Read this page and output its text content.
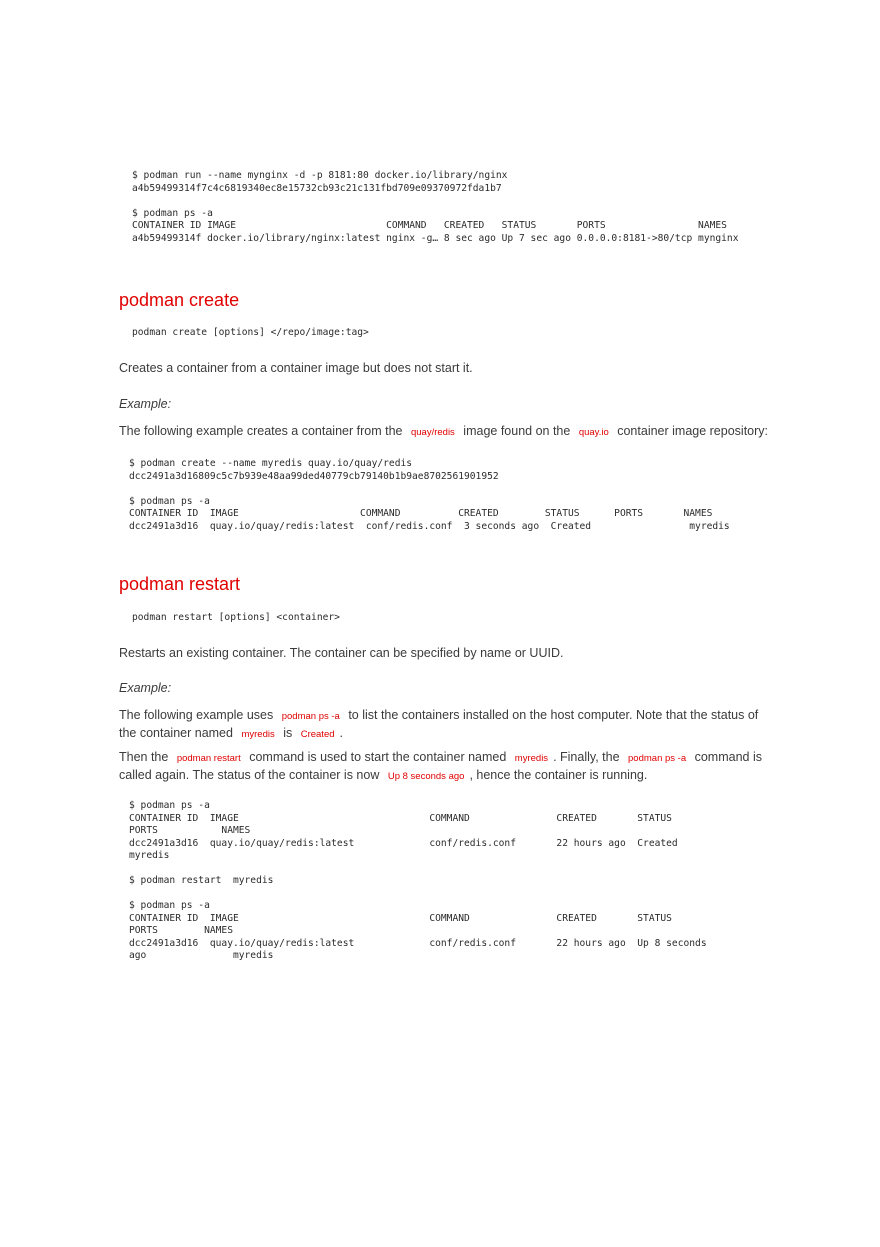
$ podman run --name mynginx -d -p 8181:80 docker.io/library/nginx
a4b59499314f7c4c6819340ec8e15732cb93c21c131fbd709e09370972fda1b7

$ podman ps -a
CONTAINER ID IMAGE                          COMMAND   CREATED   STATUS       PORTS                NAMES
a4b59499314f docker.io/library/nginx:latest nginx -g… 8 sec ago Up 7 sec ago 0.0.0.0:8181->80/tcp mynginx
podman create
podman create [options] </repo/image:tag>

Creates a container from a container image but does not start it.

Example:

The following example creates a container from the quay/redis image found on the quay.io container image repository:

$ podman create --name myredis quay.io/quay/redis
dcc2491a3d16809c5c7b939e48aa99ded40779cb79140b1b9ae8702561901952

$ podman ps -a
CONTAINER ID  IMAGE                     COMMAND          CREATED        STATUS      PORTS       NAMES
dcc2491a3d16  quay.io/quay/redis:latest  conf/redis.conf  3 seconds ago  Created                 myredis
podman restart
podman restart [options] <container>

Restarts an existing container. The container can be specified by name or UUID.

Example:

The following example uses podman ps -a to list the containers installed on the host computer. Note that the status of the container named myredis is Created .

Then the podman restart command is used to start the container named myredis . Finally, the podman ps -a command is called again. The status of the container is now Up 8 seconds ago , hence the container is running.

$ podman ps -a
CONTAINER ID  IMAGE                                 COMMAND               CREATED       STATUS
PORTS           NAMES
dcc2491a3d16  quay.io/quay/redis:latest             conf/redis.conf       22 hours ago  Created
myredis

$ podman restart  myredis

$ podman ps -a
CONTAINER ID  IMAGE                                 COMMAND               CREATED       STATUS
PORTS        NAMES
dcc2491a3d16  quay.io/quay/redis:latest             conf/redis.conf       22 hours ago  Up 8 seconds
ago               myredis
